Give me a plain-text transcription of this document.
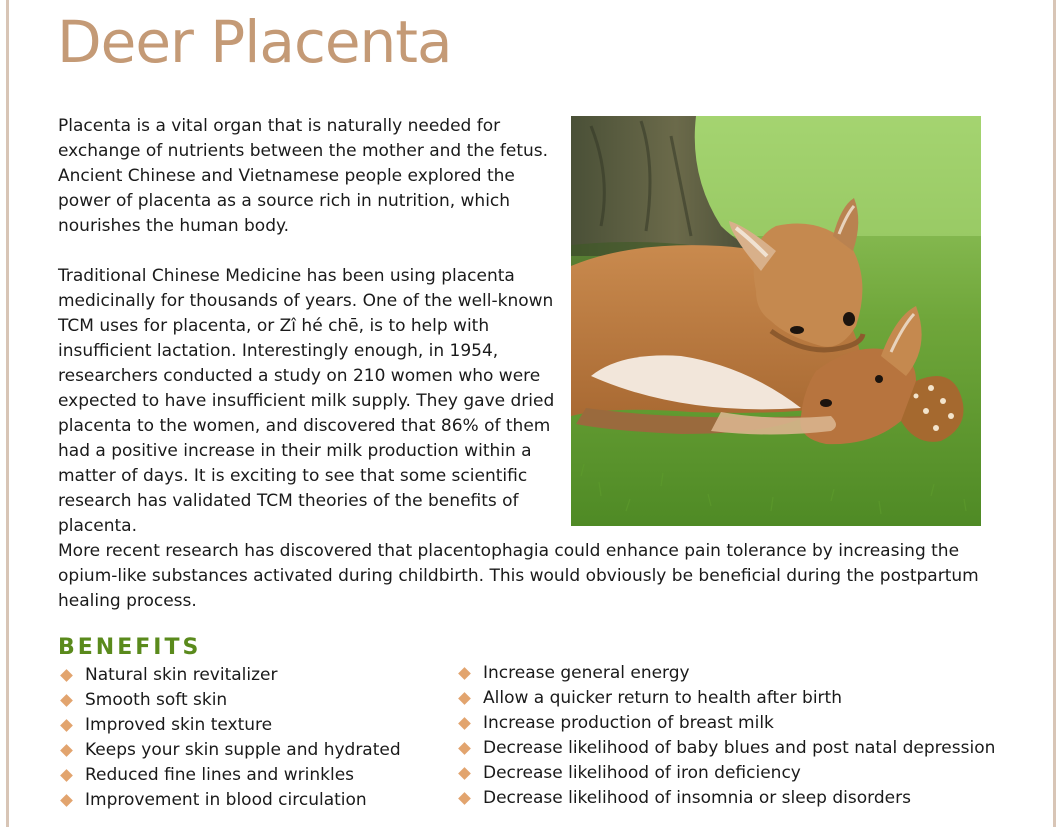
Deer Placenta

Placenta is a vital organ that is naturally needed for exchange of nutrients between the mother and the fetus. Ancient Chinese and Vietnamese people explored the power of placenta as a source rich in nutrition, which nourishes the human body.

Traditional Chinese Medicine has been using placenta medicinally for thousands of years. One of the well-known TCM uses for placenta, or Zî hé chē, is to help with insufficient lactation. Interestingly enough, in 1954, researchers conducted a study on 210 women who were expected to have insufficient milk supply. They gave dried placenta to the women, and discovered that 86% of them had a positive increase in their milk production within a matter of days. It is exciting to see that some scientific research has validated TCM theories of the benefits of placenta.

More recent research has discovered that placentophagia could enhance pain tolerance by increasing the opium-like substances activated during childbirth. This would obviously be beneficial during the postpartum healing process.

BENEFITS
Natural skin revitalizer
Smooth soft skin
Improved skin texture
Keeps your skin supple and hydrated
Reduced fine lines and wrinkles
Improvement in blood circulation
Increase general energy
Allow a quicker return to health after birth
Increase production of breast milk
Decrease likelihood of baby blues and post natal depression
Decrease likelihood of iron deficiency
Decrease likelihood of insomnia or sleep disorders
